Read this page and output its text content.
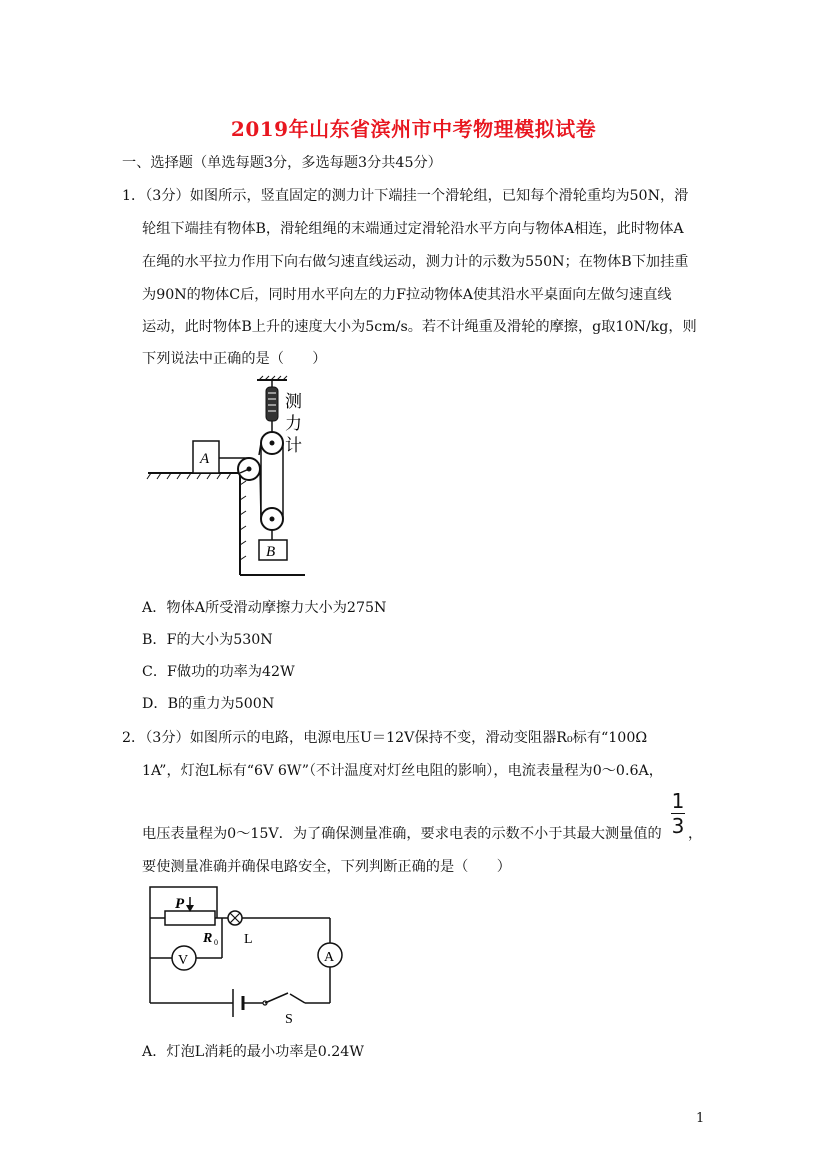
2019年山东省滨州市中考物理模拟试卷
一、选择题（单选每题3分，多选每题3分共45分）
1．（3分）如图所示，竖直固定的测力计下端挂一个滑轮组，已知每个滑轮重均为50N，滑
轮组下端挂有物体B，滑轮组绳的末端通过定滑轮沿水平方向与物体A相连，此时物体A
在绳的水平拉力作用下向右做匀速直线运动，测力计的示数为550N；在物体B下加挂重
为90N的物体C后，同时用水平向左的力F拉动物体A使其沿水平桌面向左做匀速直线
运动，此时物体B上升的速度大小为5cm/s。若不计绳重及滑轮的摩擦，g取10N/kg，则
下列说法中正确的是（　　）
测
力
计
B
A
A．物体A所受滑动摩擦力大小为275N
B．F的大小为530N
C．F做功的功率为42W
D．B的重力为500N
2．（3分）如图所示的电路，电源电压U＝12V保持不变，滑动变阻器R₀标有“100Ω
1A”，灯泡L标有“6V 6W”（不计温度对灯丝电阻的影响），电流表量程为0～0.6A，
电压表量程为0～15V．为了确保测量准确，要求电表的示数不小于其最大测量值的
1
3 ，
要使测量准确并确保电路安全，下列判断正确的是（　　）
P
R 0 L
V	A
S
A．灯泡L消耗的最小功率是0.24W
1
